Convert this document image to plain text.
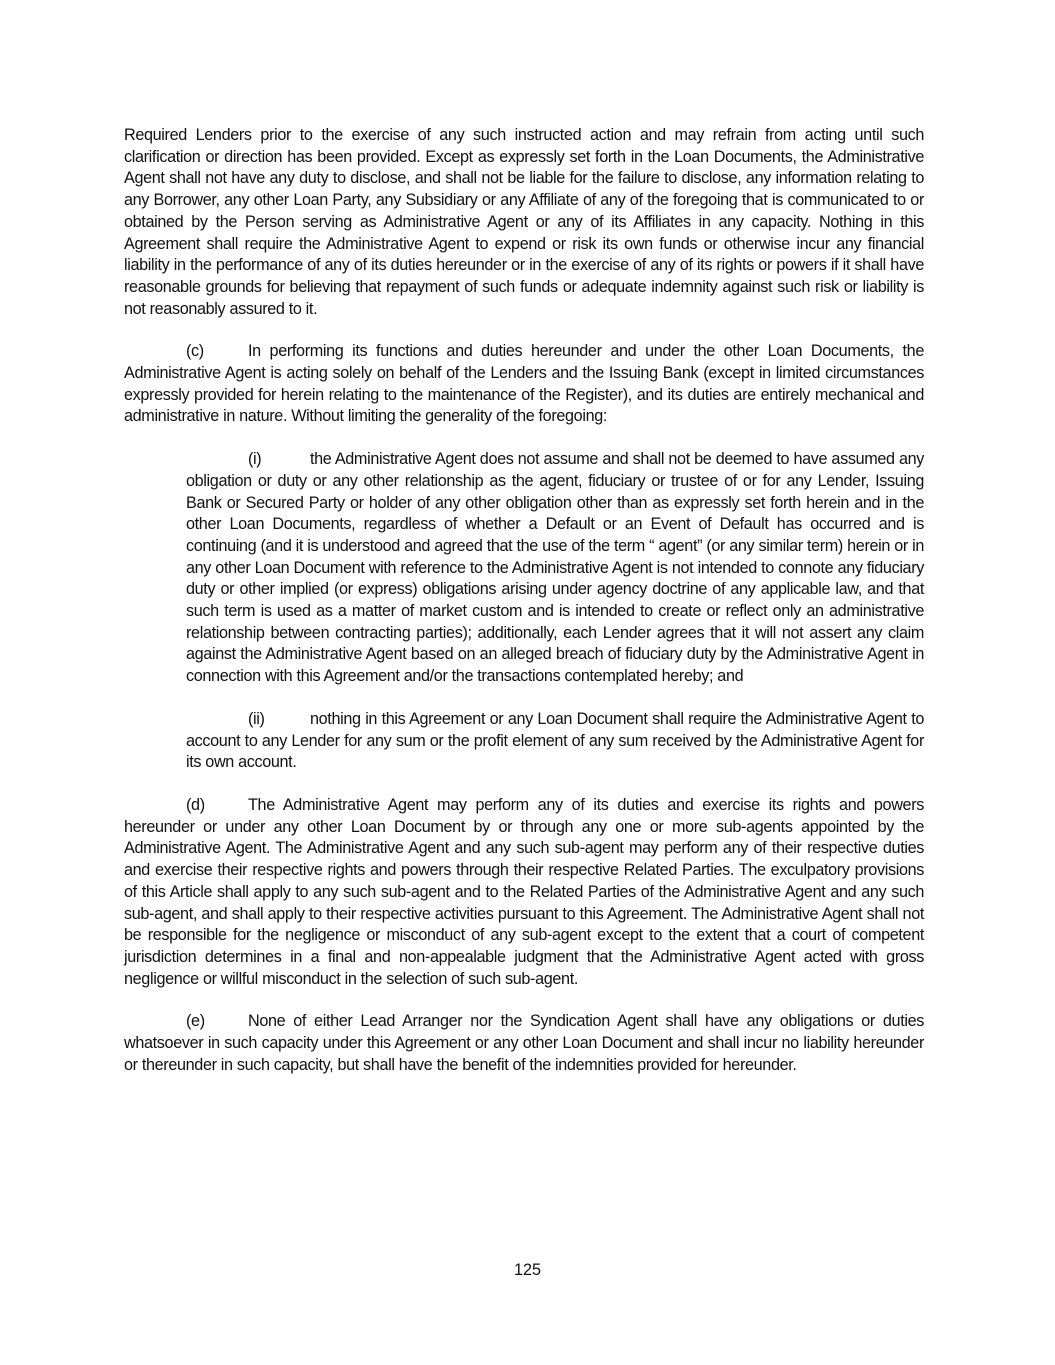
Required Lenders prior to the exercise of any such instructed action and may refrain from acting until such clarification or direction has been provided. Except as expressly set forth in the Loan Documents, the Administrative Agent shall not have any duty to disclose, and shall not be liable for the failure to disclose, any information relating to any Borrower, any other Loan Party, any Subsidiary or any Affiliate of any of the foregoing that is communicated to or obtained by the Person serving as Administrative Agent or any of its Affiliates in any capacity. Nothing in this Agreement shall require the Administrative Agent to expend or risk its own funds or otherwise incur any financial liability in the performance of any of its duties hereunder or in the exercise of any of its rights or powers if it shall have reasonable grounds for believing that repayment of such funds or adequate indemnity against such risk or liability is not reasonably assured to it.

(c)	In performing its functions and duties hereunder and under the other Loan Documents, the Administrative Agent is acting solely on behalf of the Lenders and the Issuing Bank (except in limited circumstances expressly provided for herein relating to the maintenance of the Register), and its duties are entirely mechanical and administrative in nature. Without limiting the generality of the foregoing:

(i)	the Administrative Agent does not assume and shall not be deemed to have assumed any obligation or duty or any other relationship as the agent, fiduciary or trustee of or for any Lender, Issuing Bank or Secured Party or holder of any other obligation other than as expressly set forth herein and in the other Loan Documents, regardless of whether a Default or an Event of Default has occurred and is continuing (and it is understood and agreed that the use of the term “ agent” (or any similar term) herein or in any other Loan Document with reference to the Administrative Agent is not intended to connote any fiduciary duty or other implied (or express) obligations arising under agency doctrine of any applicable law, and that such term is used as a matter of market custom and is intended to create or reflect only an administrative relationship between contracting parties); additionally, each Lender agrees that it will not assert any claim against the Administrative Agent based on an alleged breach of fiduciary duty by the Administrative Agent in connection with this Agreement and/or the transactions contemplated hereby; and

(ii)	nothing in this Agreement or any Loan Document shall require the Administrative Agent to account to any Lender for any sum or the profit element of any sum received by the Administrative Agent for its own account.

(d)	The Administrative Agent may perform any of its duties and exercise its rights and powers hereunder or under any other Loan Document by or through any one or more sub-agents appointed by the Administrative Agent. The Administrative Agent and any such sub-agent may perform any of their respective duties and exercise their respective rights and powers through their respective Related Parties. The exculpatory provisions of this Article shall apply to any such sub-agent and to the Related Parties of the Administrative Agent and any such sub-agent, and shall apply to their respective activities pursuant to this Agreement. The Administrative Agent shall not be responsible for the negligence or misconduct of any sub-agent except to the extent that a court of competent jurisdiction determines in a final and non-appealable judgment that the Administrative Agent acted with gross negligence or willful misconduct in the selection of such sub-agent.

(e)	None of either Lead Arranger nor the Syndication Agent shall have any obligations or duties whatsoever in such capacity under this Agreement or any other Loan Document and shall incur no liability hereunder or thereunder in such capacity, but shall have the benefit of the indemnities provided for hereunder.

125
